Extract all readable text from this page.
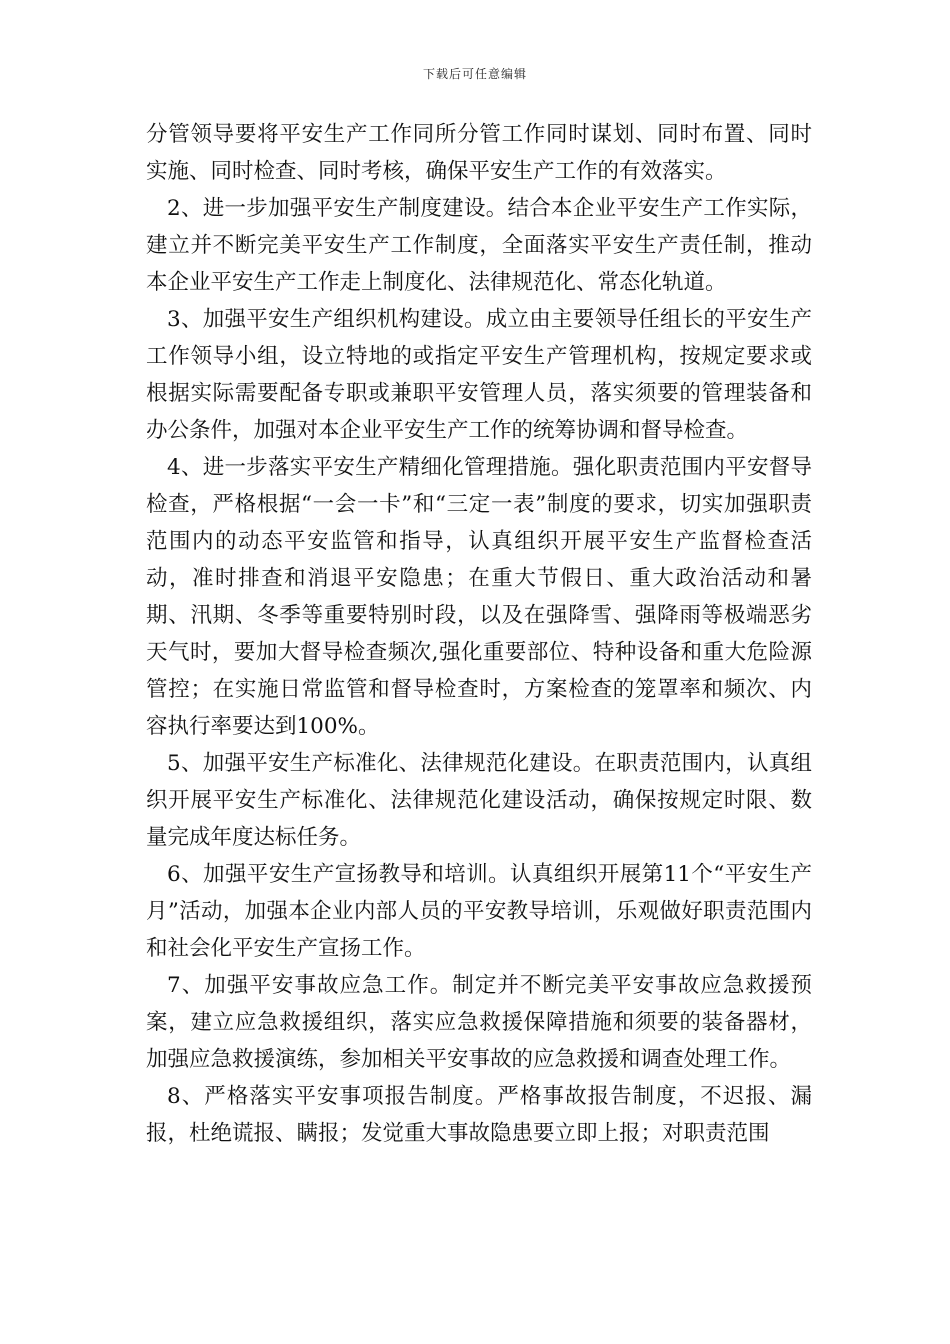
下载后可任意编辑

分管领导要将平安生产工作同所分管工作同时谋划、同时布置、同时实施、同时检查、同时考核，确保平安生产工作的有效落实。

2、进一步加强平安生产制度建设。结合本企业平安生产工作实际，建立并不断完美平安生产工作制度，全面落实平安生产责任制，推动本企业平安生产工作走上制度化、法律规范化、常态化轨道。

3、加强平安生产组织机构建设。成立由主要领导任组长的平安生产工作领导小组，设立特地的或指定平安生产管理机构，按规定要求或根据实际需要配备专职或兼职平安管理人员，落实须要的管理装备和办公条件，加强对本企业平安生产工作的统筹协调和督导检查。

4、进一步落实平安生产精细化管理措施。强化职责范围内平安督导检查，严格根据“一会一卡”和“三定一表”制度的要求，切实加强职责范围内的动态平安监管和指导，认真组织开展平安生产监督检查活动，准时排查和消退平安隐患；在重大节假日、重大政治活动和暑期、汛期、冬季等重要特别时段，以及在强降雪、强降雨等极端恶劣天气时，要加大督导检查频次,强化重要部位、特种设备和重大危险源管控；在实施日常监管和督导检查时，方案检查的笼罩率和频次、内容执行率要达到100%。

5、加强平安生产标准化、法律规范化建设。在职责范围内，认真组织开展平安生产标准化、法律规范化建设活动，确保按规定时限、数量完成年度达标任务。

6、加强平安生产宣扬教导和培训。认真组织开展第11个“平安生产月”活动，加强本企业内部人员的平安教导培训，乐观做好职责范围内和社会化平安生产宣扬工作。

7、加强平安事故应急工作。制定并不断完美平安事故应急救援预案，建立应急救援组织，落实应急救援保障措施和须要的装备器材，加强应急救援演练，参加相关平安事故的应急救援和调查处理工作。

8、严格落实平安事项报告制度。严格事故报告制度，不迟报、漏报，杜绝谎报、瞒报；发觉重大事故隐患要立即上报；对职责范围
